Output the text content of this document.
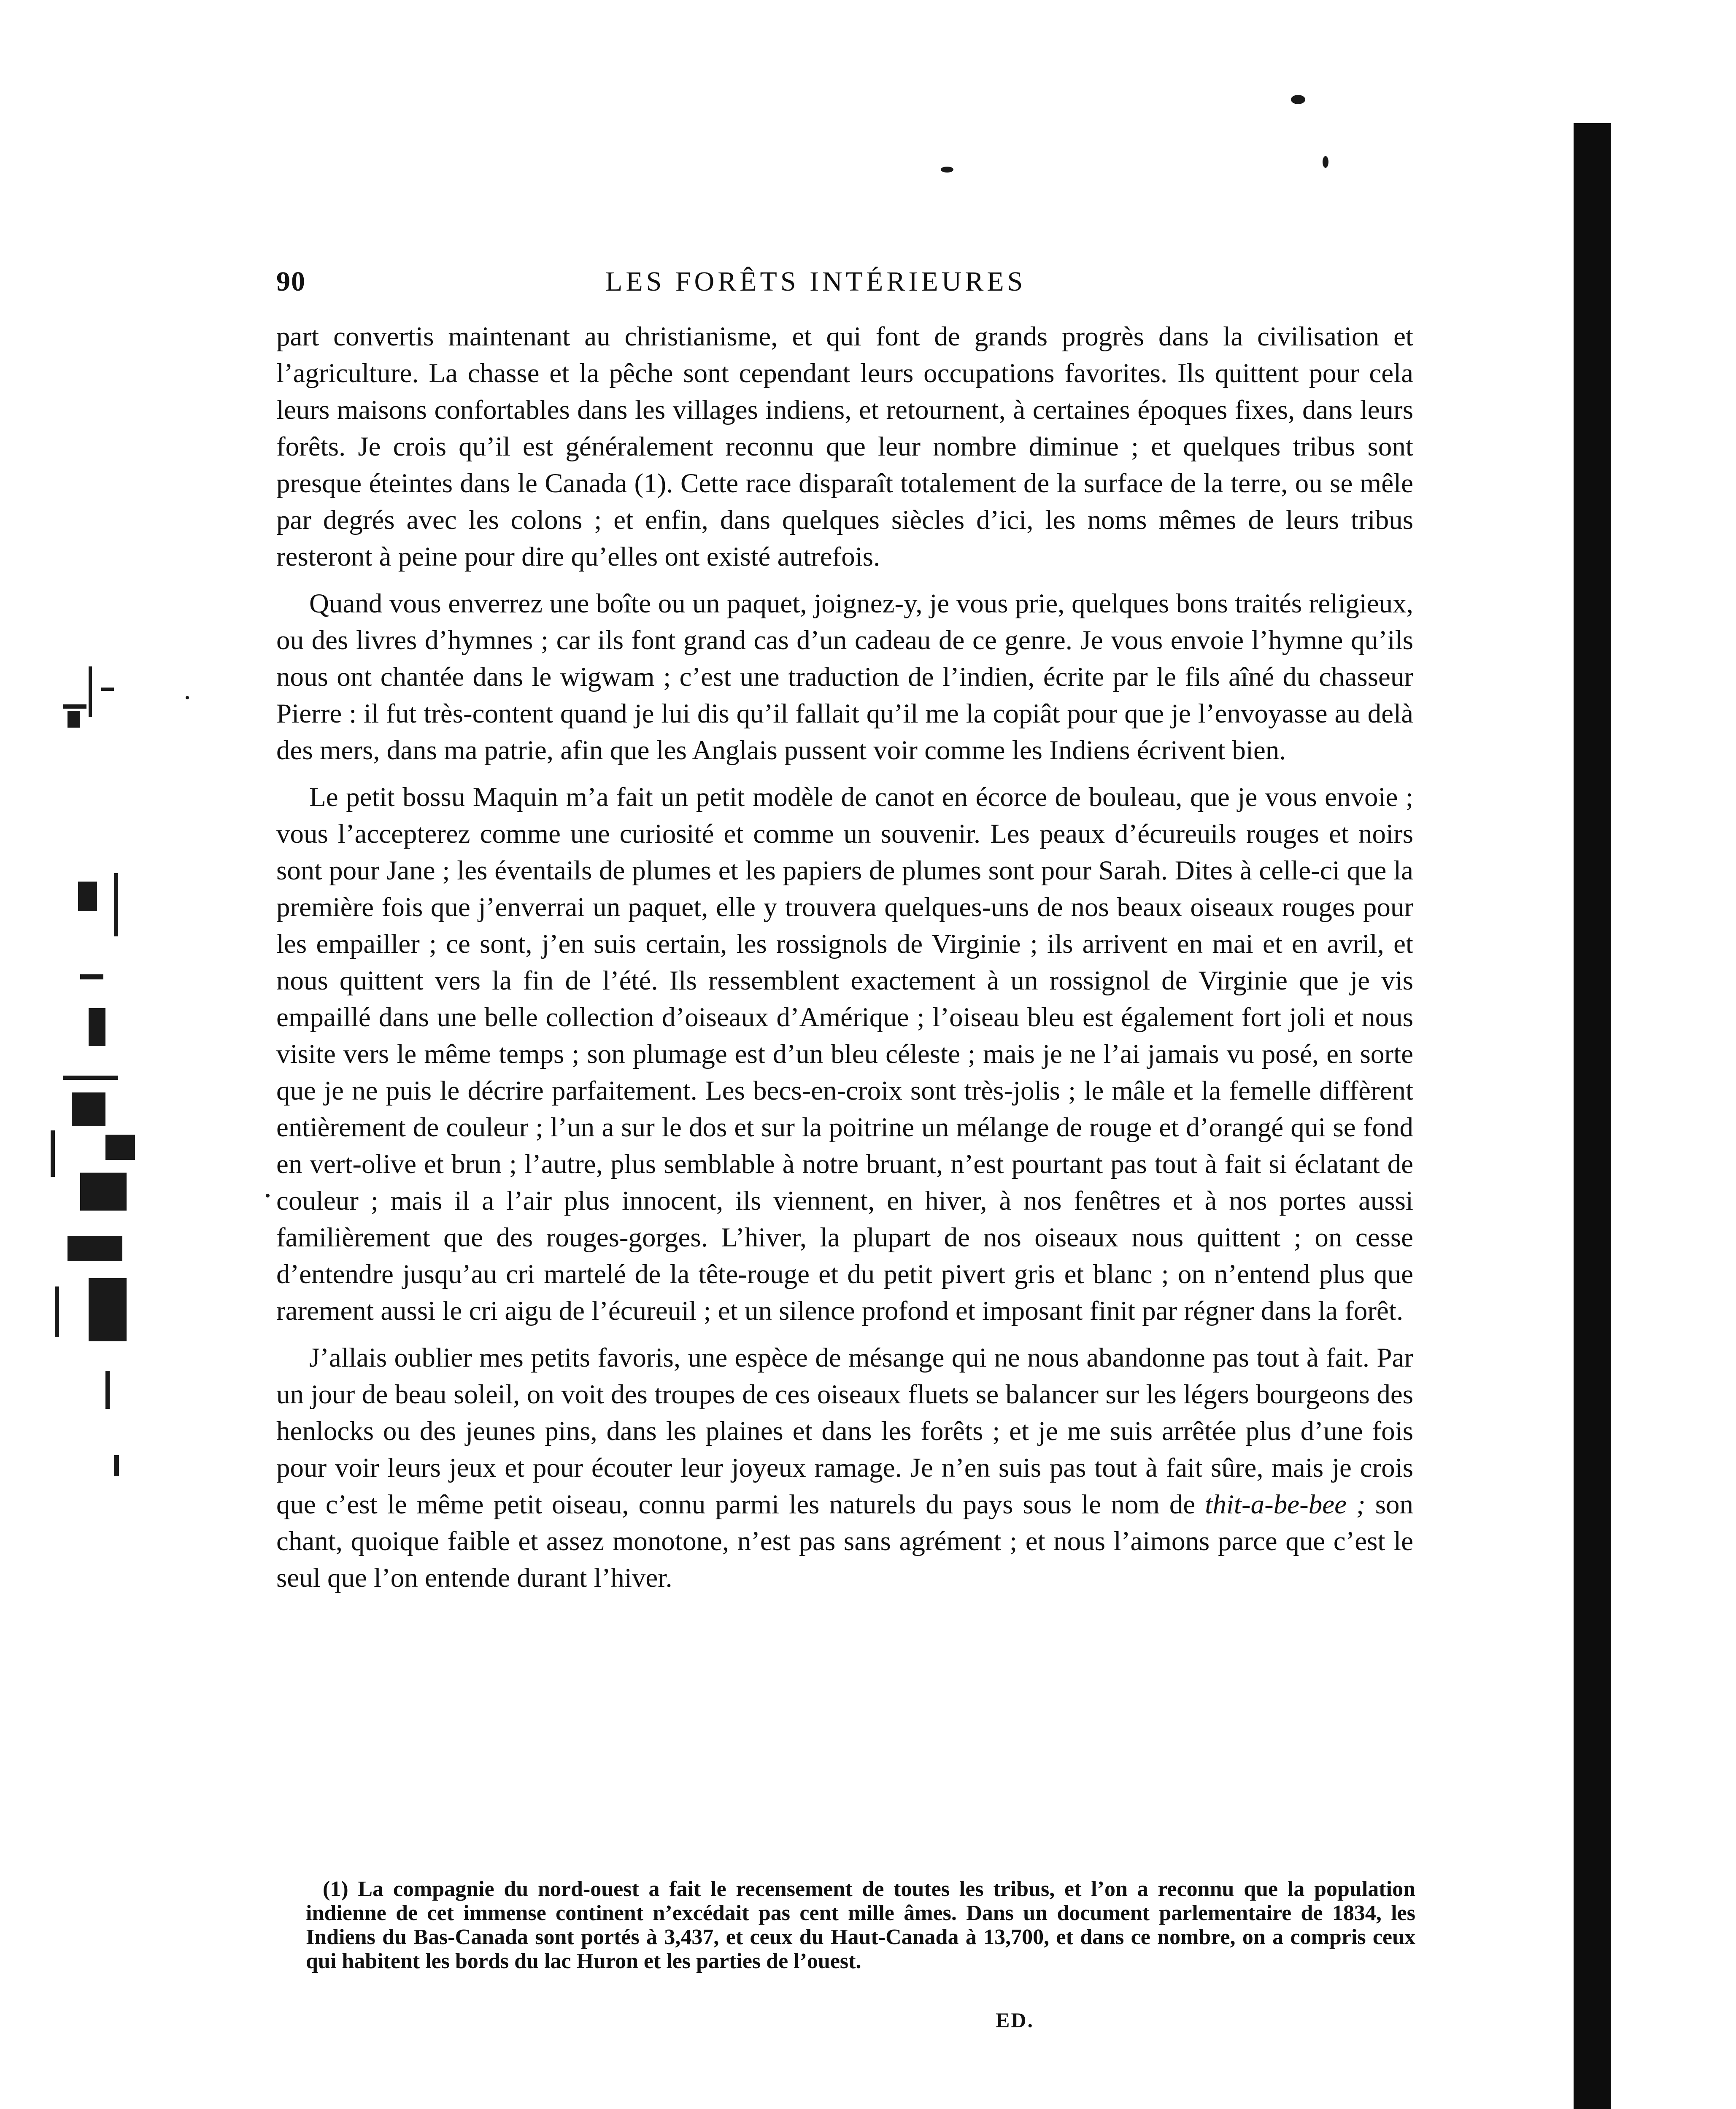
90	LES FORÊTS INTÉRIEURES

part convertis maintenant au christianisme, et qui font de grands progrès dans la civilisation et l’agriculture. La chasse et la pêche sont cependant leurs occupations favorites. Ils quittent pour cela leurs maisons confortables dans les villages indiens, et retournent, à certaines époques fixes, dans leurs forêts. Je crois qu’il est généralement reconnu que leur nombre diminue ; et quelques tribus sont presque éteintes dans le Canada (1). Cette race disparaît totalement de la surface de la terre, ou se mêle par degrés avec les colons ; et enfin, dans quelques siècles d’ici, les noms mêmes de leurs tribus resteront à peine pour dire qu’elles ont existé autrefois.

Quand vous enverrez une boîte ou un paquet, joignez-y, je vous prie, quelques bons traités religieux, ou des livres d’hymnes ; car ils font grand cas d’un cadeau de ce genre. Je vous envoie l’hymne qu’ils nous ont chantée dans le wigwam ; c’est une traduction de l’indien, écrite par le fils aîné du chasseur Pierre : il fut très-content quand je lui dis qu’il fallait qu’il me la copiât pour que je l’envoyasse au delà des mers, dans ma patrie, afin que les Anglais pussent voir comme les Indiens écrivent bien.

Le petit bossu Maquin m’a fait un petit modèle de canot en écorce de bouleau, que je vous envoie ; vous l’accepterez comme une curiosité et comme un souvenir. Les peaux d’écureuils rouges et noirs sont pour Jane ; les éventails de plumes et les papiers de plumes sont pour Sarah. Dites à celle-ci que la première fois que j’enverrai un paquet, elle y trouvera quelques-uns de nos beaux oiseaux rouges pour les empailler ; ce sont, j’en suis certain, les rossignols de Virginie ; ils arrivent en mai et en avril, et nous quittent vers la fin de l’été. Ils ressemblent exactement à un rossignol de Virginie que je vis empaillé dans une belle collection d’oiseaux d’Amérique ; l’oiseau bleu est également fort joli et nous visite vers le même temps ; son plumage est d’un bleu céleste ; mais je ne l’ai jamais vu posé, en sorte que je ne puis le décrire parfaitement. Les becs-en-croix sont très-jolis ; le mâle et la femelle diffèrent entièrement de couleur ; l’un a sur le dos et sur la poitrine un mélange de rouge et d’orangé qui se fond en vert-olive et brun ; l’autre, plus semblable à notre bruant, n’est pourtant pas tout à fait si éclatant de couleur ; mais il a l’air plus innocent, ils viennent, en hiver, à nos fenêtres et à nos portes aussi familièrement que des rouges-gorges. L’hiver, la plupart de nos oiseaux nous quittent ; on cesse d’entendre jusqu’au cri martelé de la tête-rouge et du petit pivert gris et blanc ; on n’entend plus que rarement aussi le cri aigu de l’écureuil ; et un silence profond et imposant finit par régner dans la forêt.

J’allais oublier mes petits favoris, une espèce de mésange qui ne nous abandonne pas tout à fait. Par un jour de beau soleil, on voit des troupes de ces oiseaux fluets se balancer sur les légers bourgeons des henlocks ou des jeunes pins, dans les plaines et dans les forêts ; et je me suis arrêtée plus d’une fois pour voir leurs jeux et pour écouter leur joyeux ramage. Je n’en suis pas tout à fait sûre, mais je crois que c’est le même petit oiseau, connu parmi les naturels du pays sous le nom de thit-a-be-bee ; son chant, quoique faible et assez monotone, n’est pas sans agrément ; et nous l’aimons parce que c’est le seul que l’on entende durant l’hiver.

(1) La compagnie du nord-ouest a fait le recensement de toutes les tribus, et l’on a reconnu que la population indienne de cet immense continent n’excédait pas cent mille âmes. Dans un document parlementaire de 1834, les Indiens du Bas-Canada sont portés à 3,437, et ceux du Haut-Canada à 13,700, et dans ce nombre, on a compris ceux qui habitent les bords du lac Huron et les parties de l’ouest.

ED.
